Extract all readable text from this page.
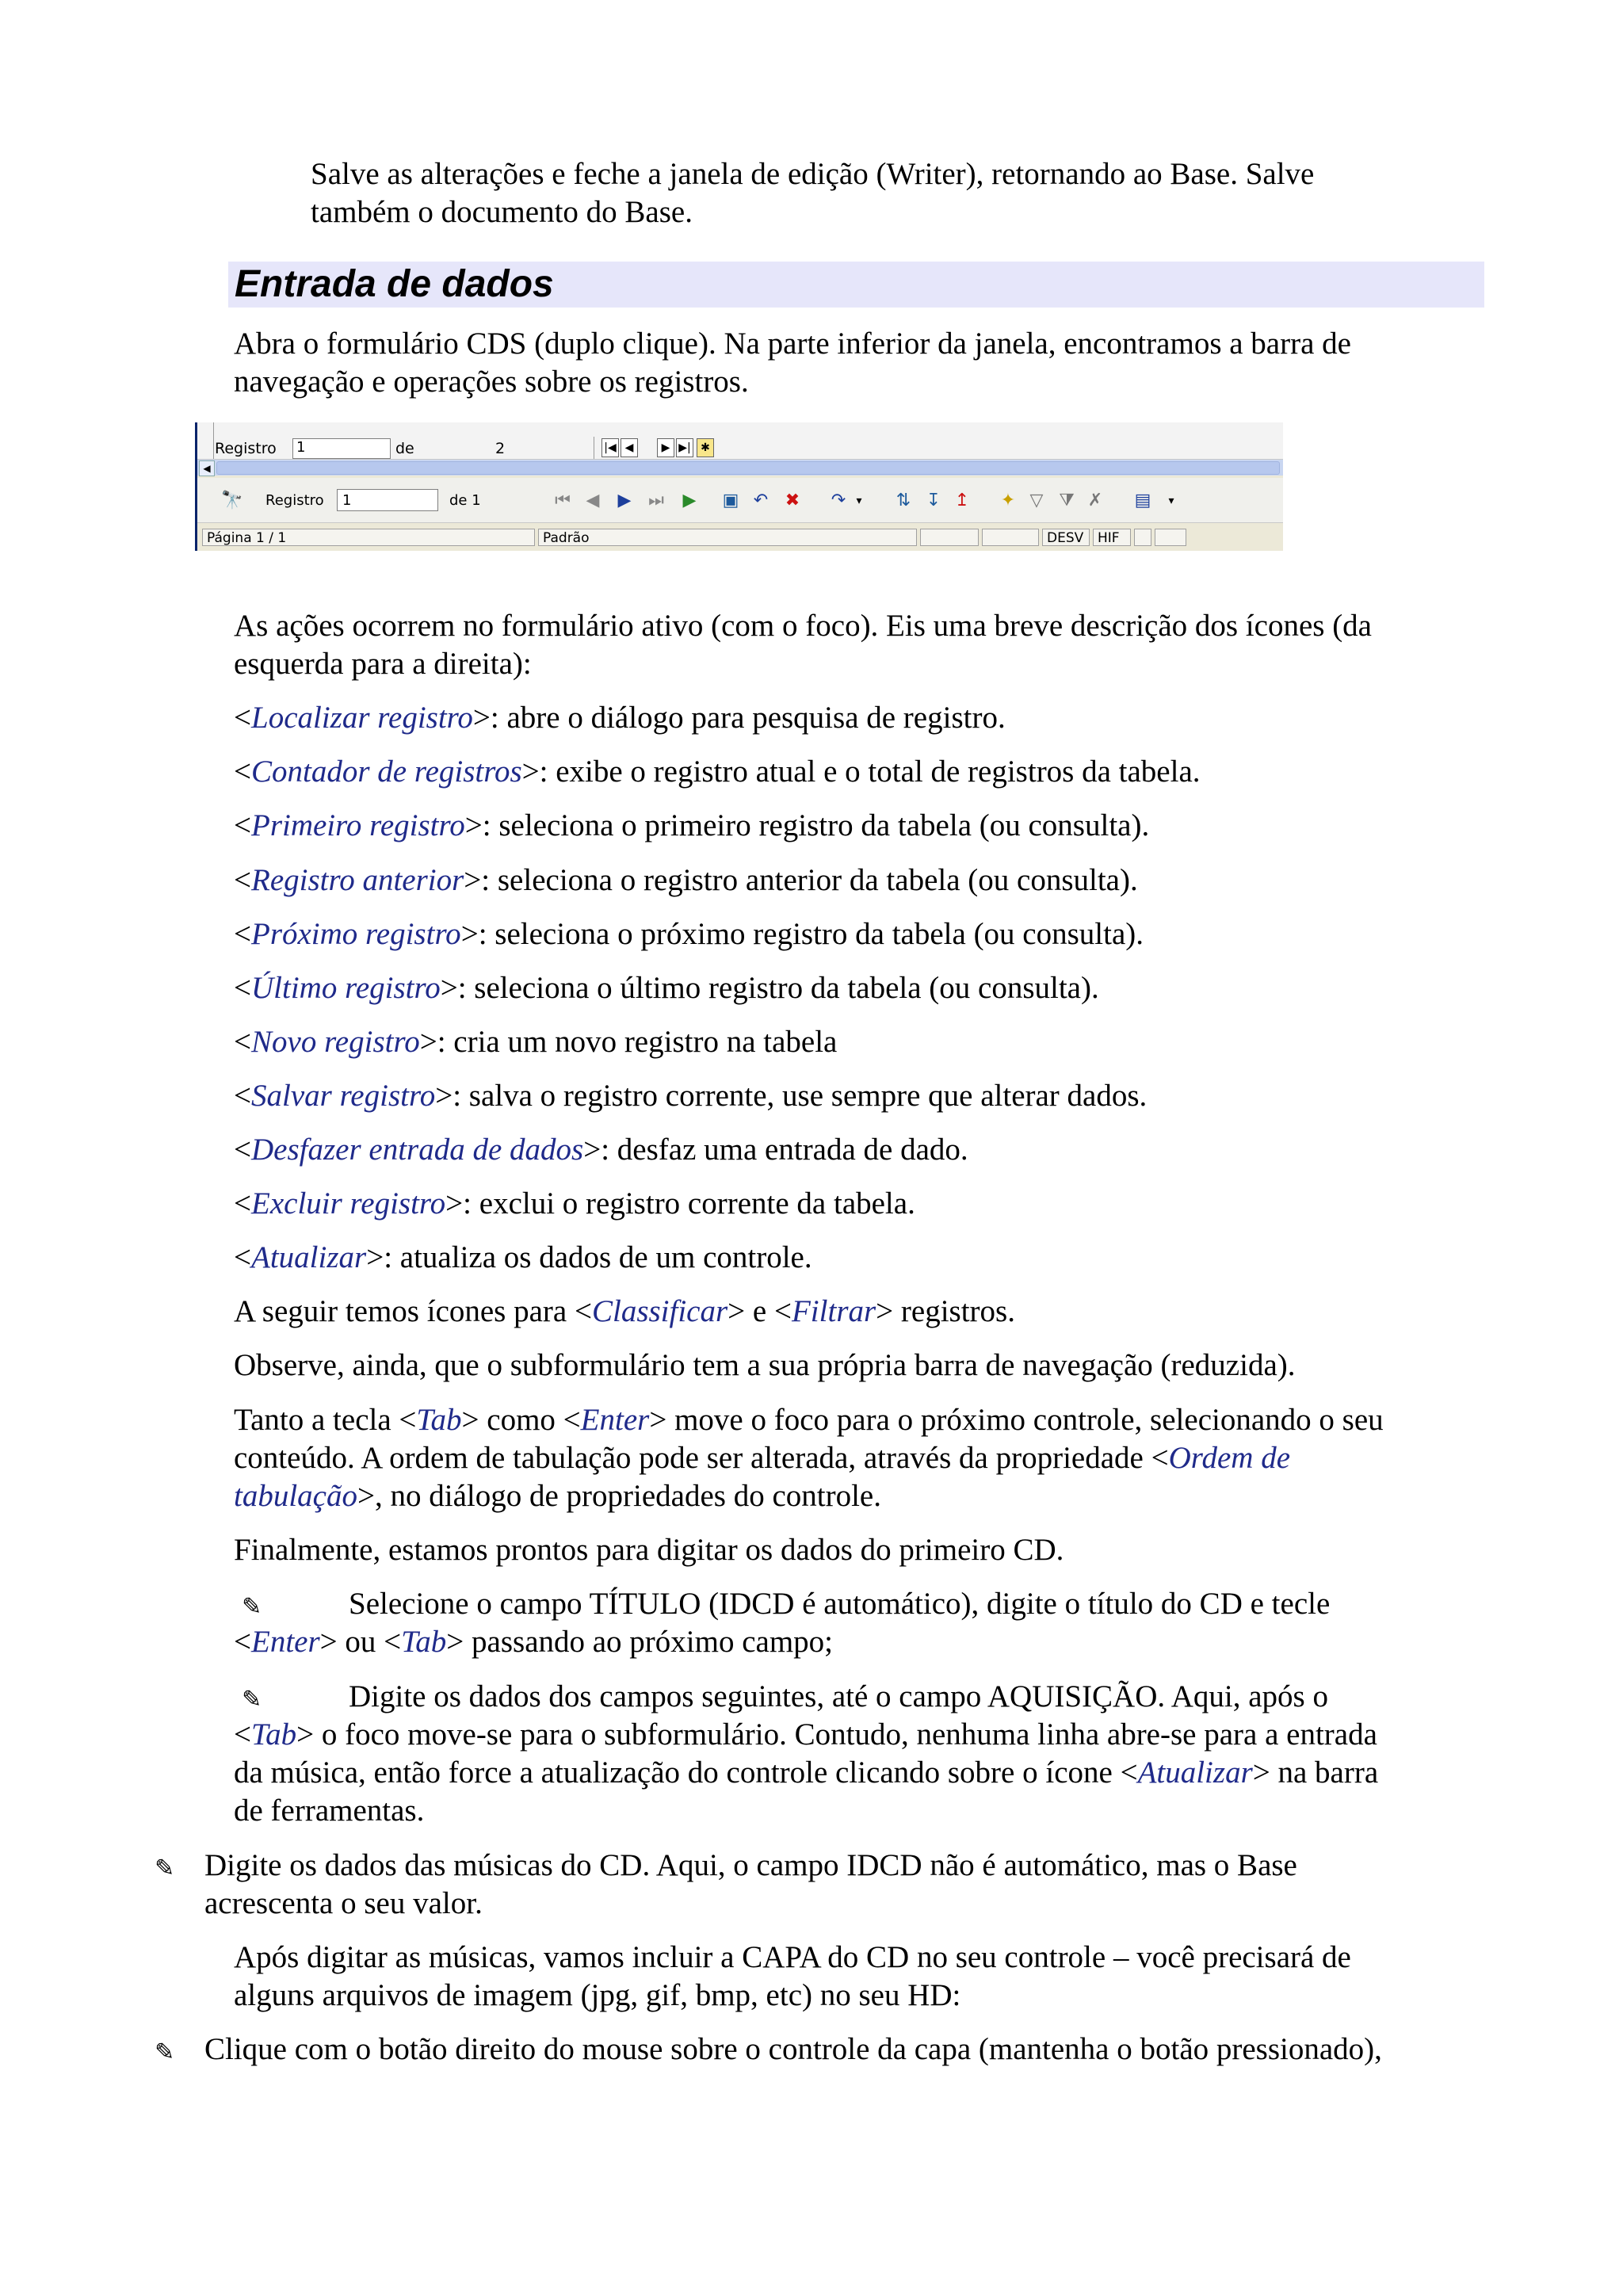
Salve as alterações e feche a janela de edição (Writer), retornando ao Base. Salve

também o documento do Base.

Entrada de dados

Abra o formulário CDS (duplo clique). Na parte inferior da janela, encontramos a barra de

navegação e operações sobre os registros.

Registro 1	de	2	|◀ ◀	▶ ▶| ✱
◀
🔭 Registro	1	de 1	⏮ ◀ ▶ ⏭ ▶ ▣ ↶ ✖ ↷ ▾	⇅ ↧ ↥ ✦ ▽ ⧩ ✗ ▤	▾
Página 1 / 1	Padrão	DESV	HIF

As ações ocorrem no formulário ativo (com o foco). Eis uma breve descrição dos ícones (da

esquerda para a direita):

<Localizar registro>: abre o diálogo para pesquisa de registro.

<Contador de registros>: exibe o registro atual e o total de registros da tabela.

<Primeiro registro>: seleciona o primeiro registro da tabela (ou consulta).

<Registro anterior>: seleciona o registro anterior da tabela (ou consulta).

<Próximo registro>: seleciona o próximo registro da tabela (ou consulta).

<Último registro>: seleciona o último registro da tabela (ou consulta).

<Novo registro>: cria um novo registro na tabela

<Salvar registro>: salva o registro corrente, use sempre que alterar dados.

<Desfazer entrada de dados>: desfaz uma entrada de dado.

<Excluir registro>: exclui o registro corrente da tabela.

<Atualizar>: atualiza os dados de um controle.

A seguir temos ícones para <Classificar> e <Filtrar> registros.

Observe, ainda, que o subformulário tem a sua própria barra de navegação (reduzida).

Tanto a tecla <Tab> como <Enter> move o foco para o próximo controle, selecionando o seu

conteúdo. A ordem de tabulação pode ser alterada, através da propriedade <Ordem de

tabulação>, no diálogo de propriedades do controle.

Finalmente, estamos prontos para digitar os dados do primeiro CD.

✎	Selecione o campo TÍTULO (IDCD é automático), digite o título do CD e tecle

<Enter> ou <Tab> passando ao próximo campo;

✎	Digite os dados dos campos seguintes, até o campo AQUISIÇÃO. Aqui, após o

<Tab> o foco move-se para o subformulário. Contudo, nenhuma linha abre-se para a entrada

da música, então force a atualização do controle clicando sobre o ícone <Atualizar> na barra

de ferramentas.

✎ Digite os dados das músicas do CD. Aqui, o campo IDCD não é automático, mas o Base

acrescenta o seu valor.

Após digitar as músicas, vamos incluir a CAPA do CD no seu controle – você precisará de

alguns arquivos de imagem (jpg, gif, bmp, etc) no seu HD:

✎ Clique com o botão direito do mouse sobre o controle da capa (mantenha o botão pressionado),
